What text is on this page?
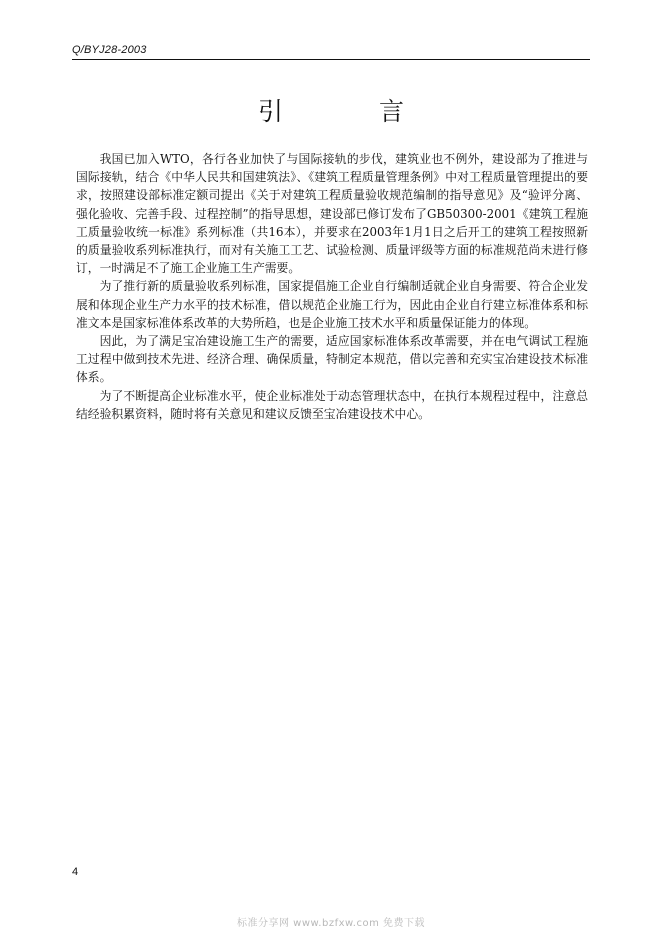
Q/BYJ28-2003
引 言

我国已加入WTO，各行各业加快了与国际接轨的步伐，建筑业也不例外，建设部为了推进与国际接轨，结合《中华人民共和国建筑法》、《建筑工程质量管理条例》中对工程质量管理提出的要求，按照建设部标准定额司提出《关于对建筑工程质量验收规范编制的指导意见》及“验评分离、强化验收、完善手段、过程控制”的指导思想，建设部已修订发布了GB50300-2001《建筑工程施工质量验收统一标准》系列标准（共16本），并要求在2003年1月1日之后开工的建筑工程按照新的质量验收系列标准执行，而对有关施工工艺、试验检测、质量评级等方面的标准规范尚未进行修订，一时满足不了施工企业施工生产需要。

为了推行新的质量验收系列标准，国家提倡施工企业自行编制适就企业自身需要、符合企业发展和体现企业生产力水平的技术标准，借以规范企业施工行为，因此由企业自行建立标准体系和标准文本是国家标准体系改革的大势所趋，也是企业施工技术水平和质量保证能力的体现。

因此，为了满足宝冶建设施工生产的需要，适应国家标准体系改革需要，并在电气调试工程施工过程中做到技术先进、经济合理、确保质量，特制定本规范，借以完善和充实宝冶建设技术标准体系。

为了不断提高企业标准水平，使企业标准处于动态管理状态中，在执行本规程过程中，注意总结经验积累资料，随时将有关意见和建议反馈至宝冶建设技术中心。

4
标准分享网 www.bzfxw.com 免费下载
